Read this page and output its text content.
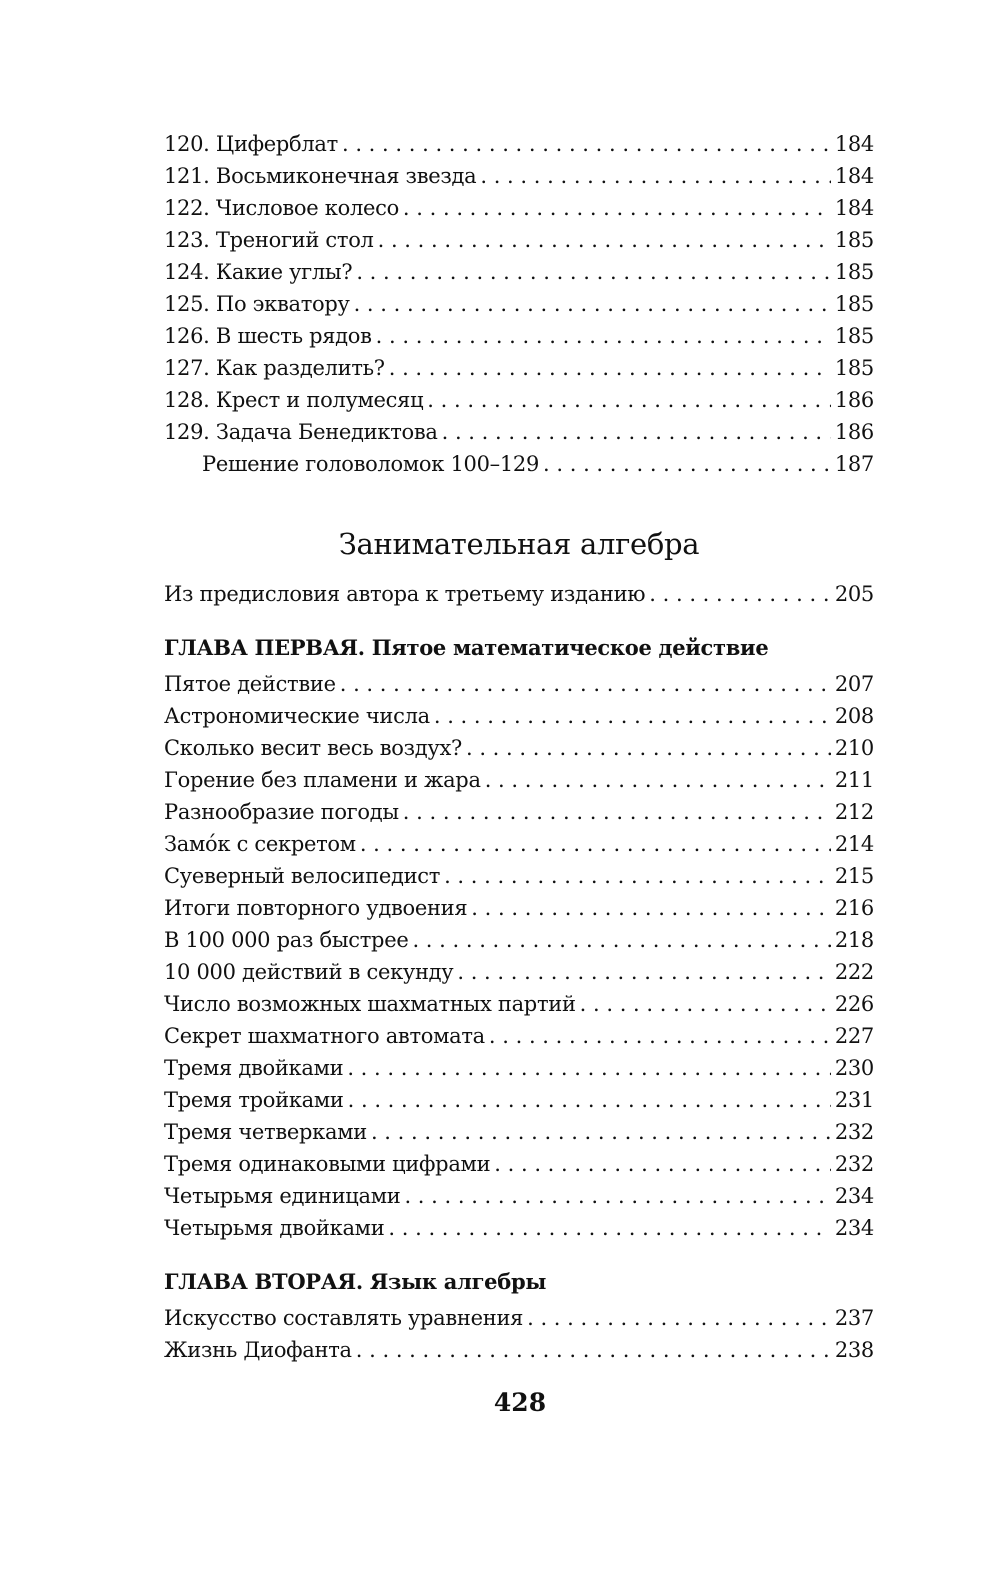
120. Циферблат . . .	184
121. Восьмиконечная звезда . . .	184
122. Числовое колесо . . .	184
123. Треногий стол . . .	185
124. Какие углы? . . .	185
125. По экватору . . .	185
126. В шесть рядов . . .	185
127. Как разделить? . . .	185
128. Крест и полумесяц . . .	186
129. Задача Бенедиктова . . .	186
Решение головоломок 100–129 . . .	187
Занимательная алгебра
Из предисловия автора к третьему изданию . . .	205
ГЛАВА ПЕРВАЯ. Пятое математическое действие
Пятое действие . . .	207
Астрономические числа . . .	208
Сколько весит весь воздух? . . .	210
Горение без пламени и жара . . .	211
Разнообразие погоды . . .	212
Замо́к с секретом . . .	214
Суеверный велосипедист . . .	215
Итоги повторного удвоения . . .	216
В 100 000 раз быстрее . . .	218
10 000 действий в секунду . . .	222
Число возможных шахматных партий . . .	226
Секрет шахматного автомата . . .	227
Тремя двойками . . .	230
Тремя тройками . . .	231
Тремя четверками . . .	232
Тремя одинаковыми цифрами . . .	232
Четырьмя единицами . . .	234
Четырьмя двойками . . .	234
ГЛАВА ВТОРАЯ. Язык алгебры
Искусство составлять уравнения . . .	237
Жизнь Диофанта . . .	238
428
